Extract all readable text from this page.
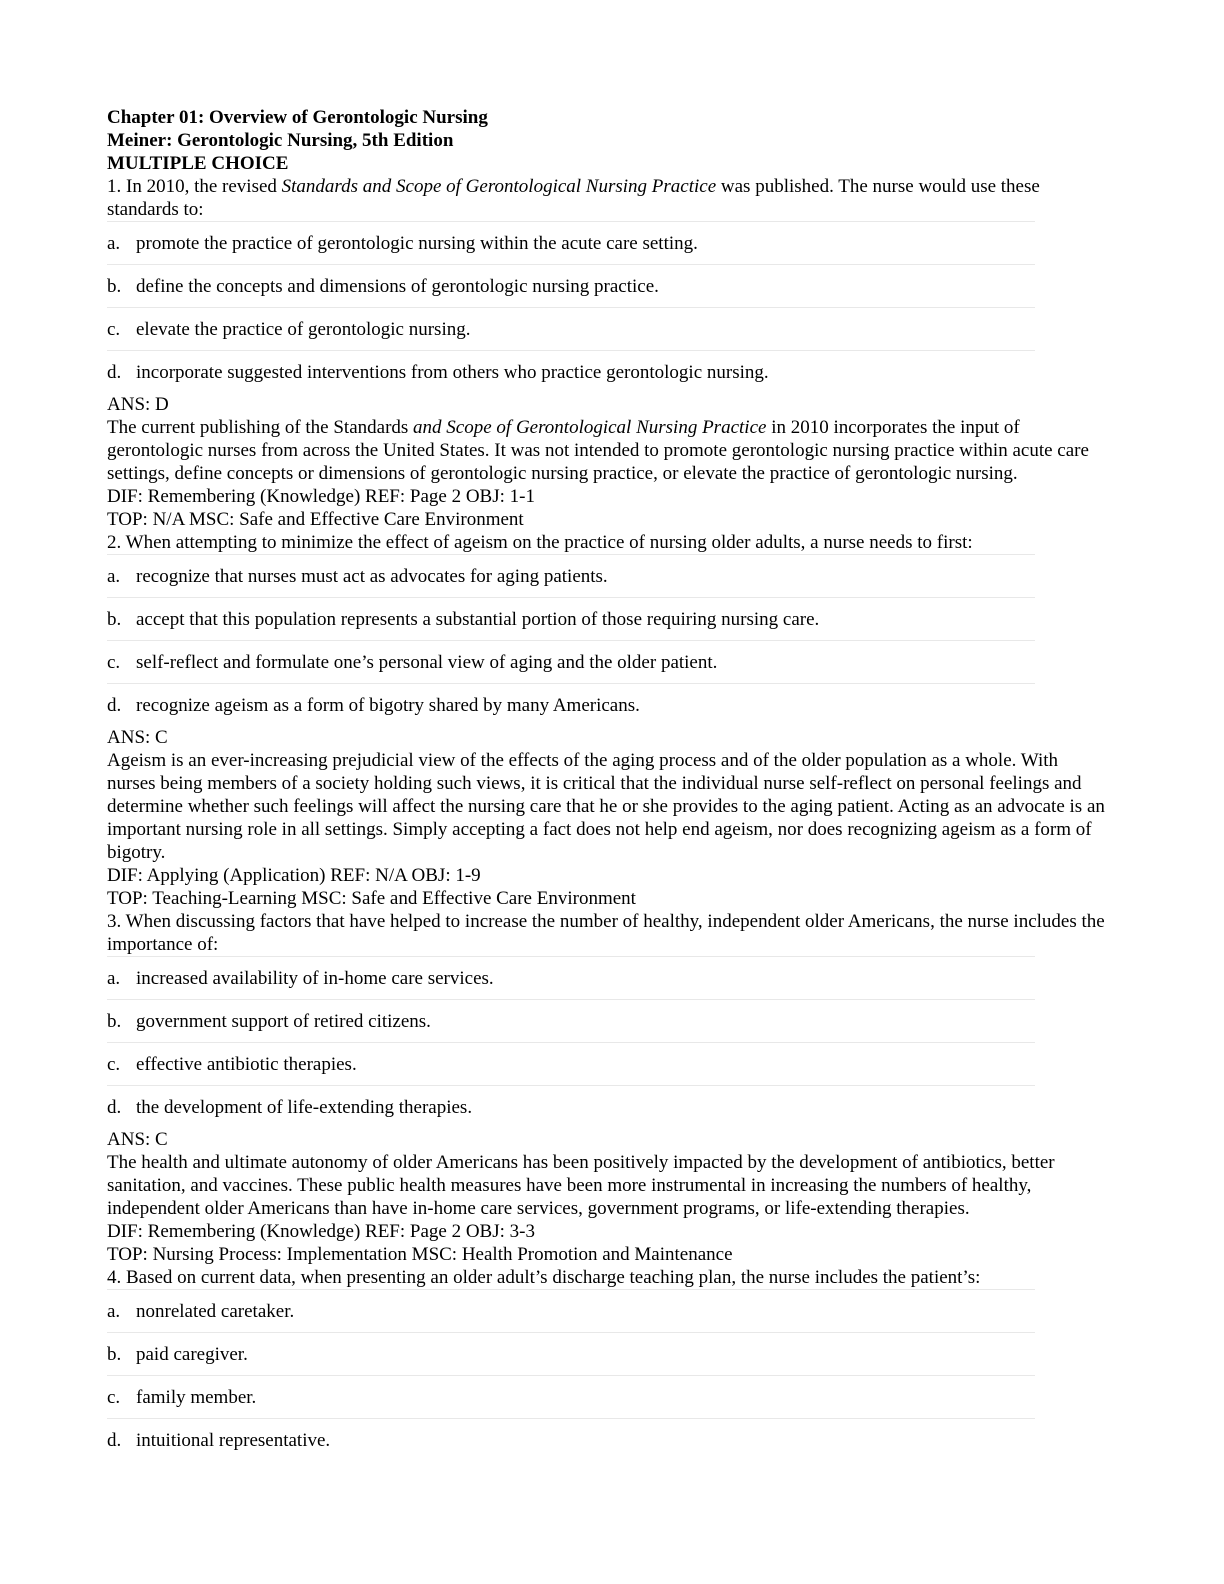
Chapter 01: Overview of Gerontologic Nursing
Meiner: Gerontologic Nursing, 5th Edition
MULTIPLE CHOICE

1. In 2010, the revised Standards and Scope of Gerontological Nursing Practice was published. The nurse would use these standards to:

a. promote the practice of gerontologic nursing within the acute care setting.
b. define the concepts and dimensions of gerontologic nursing practice.
c. elevate the practice of gerontologic nursing.
d. incorporate suggested interventions from others who practice gerontologic nursing.
ANS: D
The current publishing of the Standards and Scope of Gerontological Nursing Practice in 2010 incorporates the input of gerontologic nurses from across the United States. It was not intended to promote gerontologic nursing practice within acute care settings, define concepts or dimensions of gerontologic nursing practice, or elevate the practice of gerontologic nursing.
DIF: Remembering (Knowledge) REF: Page 2 OBJ: 1-1
TOP: N/A MSC: Safe and Effective Care Environment

2. When attempting to minimize the effect of ageism on the practice of nursing older adults, a nurse needs to first:

a. recognize that nurses must act as advocates for aging patients.
b. accept that this population represents a substantial portion of those requiring nursing care.
c. self-reflect and formulate one’s personal view of aging and the older patient.
d. recognize ageism as a form of bigotry shared by many Americans.
ANS: C
Ageism is an ever-increasing prejudicial view of the effects of the aging process and of the older population as a whole. With nurses being members of a society holding such views, it is critical that the individual nurse self-reflect on personal feelings and determine whether such feelings will affect the nursing care that he or she provides to the aging patient. Acting as an advocate is an important nursing role in all settings. Simply accepting a fact does not help end ageism, nor does recognizing ageism as a form of bigotry.
DIF: Applying (Application) REF: N/A OBJ: 1-9
TOP: Teaching-Learning MSC: Safe and Effective Care Environment

3. When discussing factors that have helped to increase the number of healthy, independent older Americans, the nurse includes the importance of:

a. increased availability of in-home care services.
b. government support of retired citizens.
c. effective antibiotic therapies.
d. the development of life-extending therapies.
ANS: C
The health and ultimate autonomy of older Americans has been positively impacted by the development of antibiotics, better sanitation, and vaccines. These public health measures have been more instrumental in increasing the numbers of healthy, independent older Americans than have in-home care services, government programs, or life-extending therapies.
DIF: Remembering (Knowledge) REF: Page 2 OBJ: 3-3
TOP: Nursing Process: Implementation MSC: Health Promotion and Maintenance

4. Based on current data, when presenting an older adult’s discharge teaching plan, the nurse includes the patient’s:

a. nonrelated caretaker.
b. paid caregiver.
c. family member.
d. intuitional representative.
